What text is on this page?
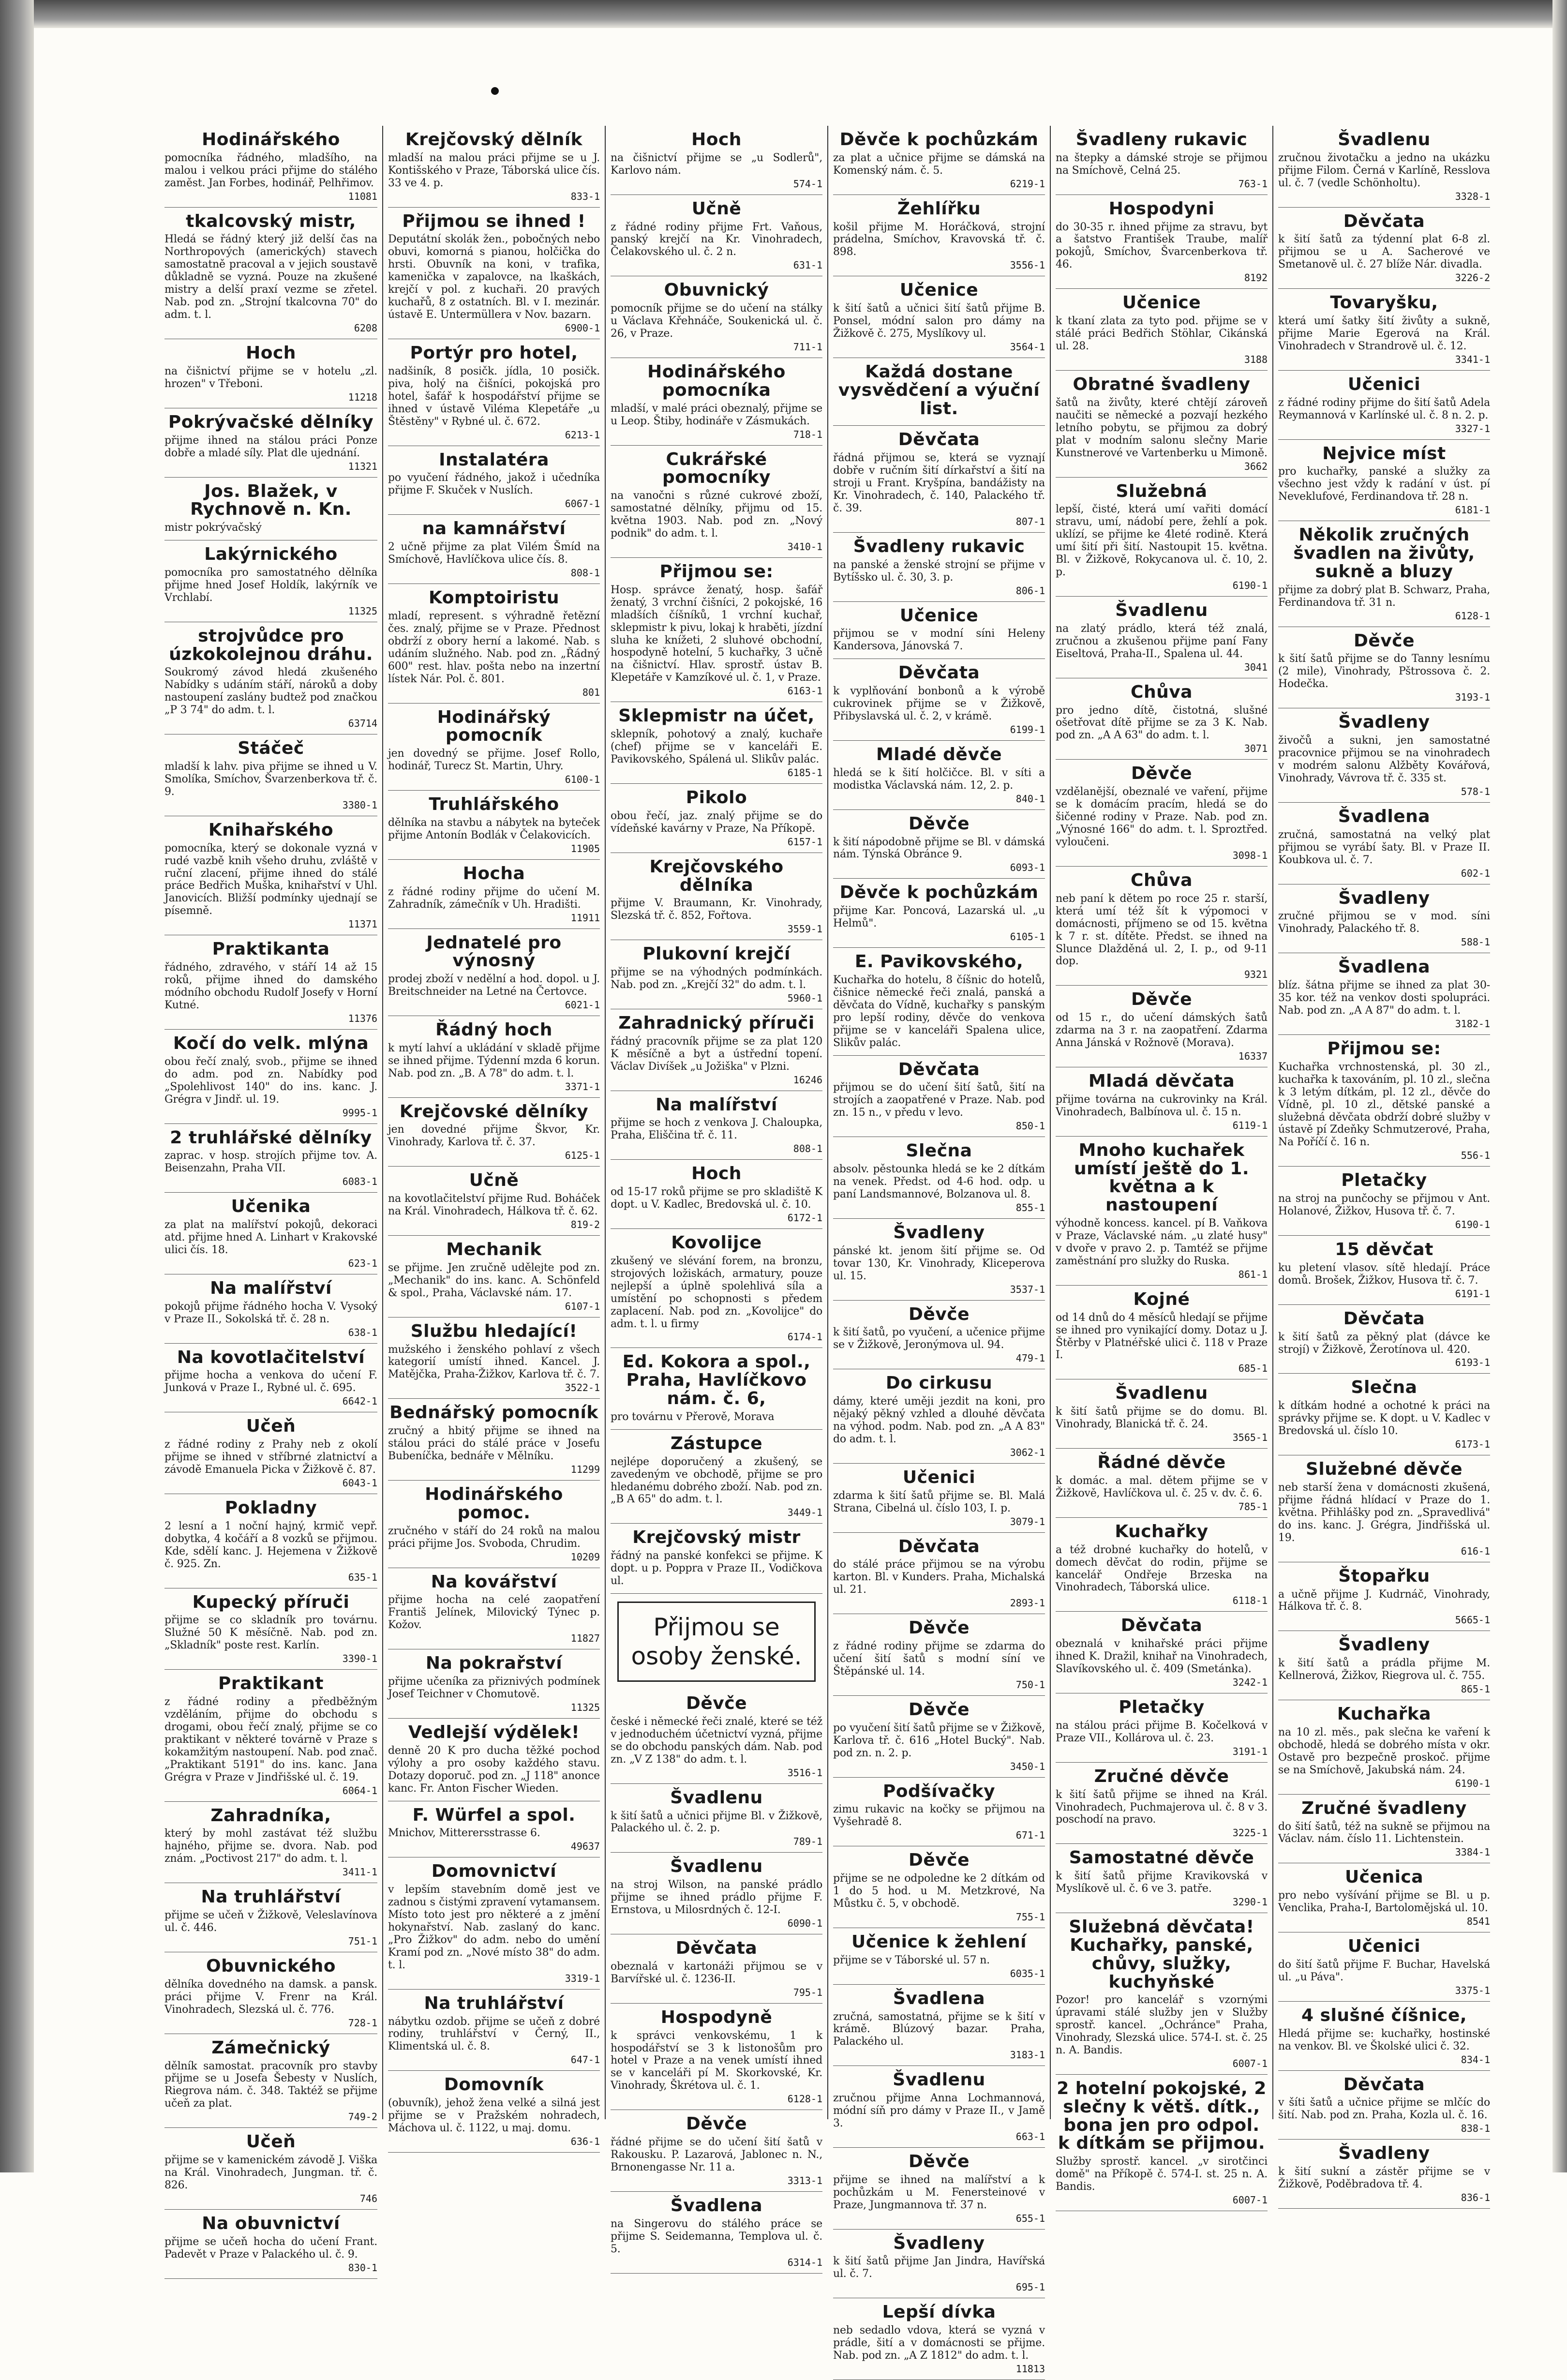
Hodinářského

pomocníka řádného, mladšího, na malou i velkou práci přijme do stálého zaměst. Jan Forbes, hodinář, Pelhřimov.

11081
tkalcovský mistr,

Hledá se řádný který již delší čas na Northropových (amerických) stavech samostatně pracoval a v jejich soustavě důkladně se vyzná. Pouze na zkušené mistry a delší praxí vezme se zřetel. Nab. pod zn. „Strojní tkalcovna 70" do adm. t. l.

6208
Hoch

na čišnictví přijme se v hotelu „zl. hrozen" v Třeboni.

11218
Pokrývačské dělníky

přijme ihned na stálou práci Ponze dobře a mladé síly. Plat dle ujednání.

11321
Jos. Blažek, v Rychnově n. Kn.

mistr pokrývačský

Lakýrnického

pomocníka pro samostatného dělníka přijme hned Josef Holdík, lakýrník ve Vrchlabí.

11325
strojvůdce pro úzkokolejnou dráhu.

Soukromý závod hledá zkušeného Nabídky s udáním stáří, nároků a doby nastoupení zaslány budtež pod značkou „P 3 74" do adm. t. l.

63714
Stáčeč

mladší k lahv. piva přijme se ihned u V. Smolíka, Smíchov, Švarzenberkova tř. č. 9.

3380-1
Knihařského

pomocníka, který se dokonale vyzná v rudé vazbě knih všeho druhu, zvláště v ruční zlacení, přijme ihned do stálé práce Bedřich Muška, knihařství v Uhl. Janovicích. Bližší podmínky ujednají se písemně.

11371
Praktikanta

řádného, zdravého, v stáří 14 až 15 roků, přijme ihned do damského módního obchodu Rudolf Josefy v Horní Kutné.

11376
Kočí do velk. mlýna

obou řečí znalý, svob., přijme se ihned do adm. pod zn. Nabídky pod „Spolehlivost 140" do ins. kanc. J. Grégra v Jindř. ul. 19.

9995-1
2 truhlářské dělníky

zaprac. v hosp. strojích přijme tov. A. Beisenzahn, Praha VII.

6083-1
Učenika

za plat na malířství pokojů, dekoraci atd. přijme hned A. Linhart v Krakovské ulici čís. 18.

623-1
Na malířství

pokojů přijme řádného hocha V. Vysoký v Praze II., Sokolská tř. č. 28 n.

638-1
Na kovotlačitelství

přijme hocha a venkova do učení F. Junková v Praze I., Rybné ul. č. 695.

6642-1
Učeň

z řádné rodiny z Prahy neb z okolí přijme se ihned v stříbrné zlatnictví a závodě Emanuela Picka v Žižkově č. 87.

6043-1
Pokladny

2 lesní a 1 noční hajný, krmič vepř. dobytka, 4 kočáří a 8 vozků se přijmou. Kde, sdělí kanc. J. Hejemena v Žižkově č. 925. Zn.

635-1
Kupecký příruči

přijme se co skladník pro továrnu. Služné 50 K měsíčně. Nab. pod zn. „Skladník" poste rest. Karlín.

3390-1
Praktikant

z řádné rodiny a předběžným vzděláním, přijme do obchodu s drogami, obou řečí znalý, přijme se co praktikant v některé továrně v Praze s kokamžitým nastoupení. Nab. pod znač. „Praktikant 5191" do ins. kanc. Jana Grégra v Praze v Jindřišské ul. č. 19.

6064-1
Zahradníka,

který by mohl zastávat též službu hajného, přijme se. dvora. Nab. pod znám. „Poctivost 217" do adm. t. l.

3411-1
Na truhlářství

přijme se učeň v Žižkově, Veleslavínova ul. č. 446.

751-1
Obuvnického

dělníka dovedného na damsk. a pansk. práci přijme V. Frenr na Král. Vinohradech, Slezská ul. č. 776.

728-1
Zámečnický

dělník samostat. pracovník pro stavby přijme se u Josefa Šebesty v Nuslích, Riegrova nám. č. 348. Taktéž se přijme učeň za plat.

749-2
Učeň

přijme se v kamenickém závodě J. Viška na Král. Vinohradech, Jungman. tř. č. 826.

746
Na obuvnictví

přijme se učeň hocha do učení Frant. Padevět v Praze v Palackého ul. č. 9.

830-1
Krejčovský dělník

mladší na malou práci přijme se u J. Kontišského v Praze, Táborská ulice čís. 33 ve 4. p.

833-1
Přijmou se ihned !

Deputátní skolák žen., pobočných nebo obuvi, komorná s pianou, holčička do hrsti. Obuvník na koni, v trafika, kamenička v zapalovce, na lkaškách, krejčí v pol. z kuchaři. 20 pravých kuchařů, 8 z ostatních. Bl. v I. mezinár. ústavě E. Untermüllera v Nov. bazarn.

6900-1
Portýr pro hotel,

nadšiník, 8 posičk. jídla, 10 posičk. piva, holý na čišníci, pokojská pro hotel, šafář k hospodářství přijme se ihned v ústavě Viléma Klepetáře „u Štěstěny" v Rybné ul. č. 672.

6213-1
Instalatéra

po vyučení řádného, jakož i učedníka přijme F. Skuček v Nuslích.

6067-1
na kamnářství

2 učně přijme za plat Vilém Šmíd na Smíchově, Havlíčkova ulice čís. 8.

808-1
Komptoiristu

mladí, represent. s výhradně řetězní čes. znalý, přijme se v Praze. Přednost obdrží z obory herní a lakomé. Nab. s udáním služného. Nab. pod zn. „Řádný 600" rest. hlav. pošta nebo na inzertní lístek Nár. Pol. č. 801.

801
Hodinářský pomocník

jen dovedný se přijme. Josef Rollo, hodinář, Turecz St. Martin, Uhry.

6100-1
Truhlářského

dělníka na stavbu a nábytek na byteček přijme Antonín Bodlák v Čelakovicích.

11905
Hocha

z řádné rodiny přijme do učení M. Zahradník, zámečník v Uh. Hradišti.

11911
Jednatelé pro výnosný

prodej zboží v nedělní a hod. dopol. u J. Breitschneider na Letné na Čertovce.

6021-1
Řádný hoch

k mytí lahví a ukládání v skladě přijme se ihned přijme. Týdenní mzda 6 korun. Nab. pod zn. „B. A 78" do adm. t. l.

3371-1
Krejčovské dělníky

jen dovedné přijme Škvor, Kr. Vinohrady, Karlova tř. č. 37.

6125-1
Učně

na kovotlačitelství přijme Rud. Boháček na Král. Vinohradech, Hálkova tř. č. 62.

819-2
Mechanik

se přijme. Jen zručně udělejte pod zn. „Mechanik" do ins. kanc. A. Schönfeld & spol., Praha, Václavské nám. 17.

6107-1
Službu hledající!

mužského i ženského pohlaví z všech kategorií umístí ihned. Kancel. J. Matějčka, Praha-Žižkov, Karlova tř. č. 7.

3522-1
Bednářský pomocník

zručný a hbitý přijme se ihned na stálou práci do stálé práce v Josefu Bubeníčka, bednáře v Mělníku.

11299
Hodinářského pomoc.

zručného v stáří do 24 roků na malou práci přijme Jos. Svoboda, Chrudim.

10209
Na kovářství

přijme hocha na celé zaopatření Františ Jelínek, Milovický Týnec p. Kožov.

11827
Na pokrařství

přijme učeníka za přiznivých podmínek Josef Teichner v Chomutově.

11325
Vedlejší výdělek!

denně 20 K pro ducha těžké pochod výlohy a pro osoby každého stavu. Dotazy doporuč. pod zn. „J 118" anonce kanc. Fr. Anton Fischer Wieden.

F. Würfel a spol.

Mnichov, Mitterersstrasse 6.

49637
Domovnictví

v lepším stavebním domě jest ve zadnou s čistými zpravení vytamansem. Místo toto jest pro některé a z jmění hokynařství. Nab. zaslaný do kanc. „Pro Žižkov" do adm. nebo do umění Kramí pod zn. „Nové místo 38" do adm. t. l.

3319-1
Na truhlářství

nábytku ozdob. přijme se učeň z dobré rodiny, truhlářství v Černý, II., Klimentská ul. č. 8.

647-1
Domovník

(obuvník), jehož žena velké a silná jest přijme se v Pražském nohradech, Máchova ul. č. 1122, u maj. domu.

636-1
Hoch

na čišnictví přijme se „u Sodlerů", Karlovo nám.

574-1
Učně

z řádné rodiny přijme Frt. Vaňous, panský krejčí na Kr. Vinohradech, Čelakovského ul. č. 2 n.

631-1
Obuvnický

pomocník přijme se do učení na stálky u Václava Křehnáče, Soukenická ul. č. 26, v Praze.

711-1
Hodinářského pomocníka

mladší, v malé práci obeznalý, přijme se u Leop. Štiby, hodináře v Zásmukách.

718-1
Cukrářské pomocníky

na vanočni s různé cukrové zboží, samostatné dělníky, přijmu od 15. května 1903. Nab. pod zn. „Nový podnik" do adm. t. l.

3410-1
Přijmou se:

Hosp. správce ženatý, hosp. šafář ženatý, 3 vrchní čišníci, 2 pokojské, 16 mladších číšníků, 1 vrchní kuchař, sklepmistr k pivu, lokaj k hraběti, jízdní sluha ke knížeti, 2 sluhové obchodní, hospodyně hotelní, 5 kuchařky, 3 učně na čišnictví. Hlav. sprostř. ústav B. Klepetáře v Kamzíkové ul. č. 1, v Praze.

6163-1
Sklepmistr na účet,

sklepník, pohotový a znalý, kuchaře (chef) přijme se v kanceláři E. Pavikovského, Spálená ul. Slikův palác.

6185-1
Pikolo

obou řečí, jaz. znalý přijme se do vídeňské kavárny v Praze, Na Příkopě.

6157-1
Krejčovského dělníka

přijme V. Braumann, Kr. Vinohrady, Slezská tř. č. 852, Fořtova.

3559-1
Plukovní krejčí

přijme se na výhodných podmínkách. Nab. pod zn. „Krejčí 32" do adm. t. l.

5960-1
Zahradnický příruči

řádný pracovník přijme se za plat 120 K měsíčně a byt a ústřední topení. Václav Divíšek „u Jožiška" v Plzni.

16246
Na malířství

přijme se hoch z venkova J. Chaloupka, Praha, Eliščina tř. č. 11.

808-1
Hoch

od 15-17 roků přijme se pro skladiště K dopt. u V. Kadlec, Bredovská ul. č. 10.

6172-1
Kovolijce

zkušený ve slévání forem, na bronzu, strojových ložiskách, armatury, pouze nejlepší a úplně spolehlivá síla a umístění po schopnosti s předem zaplacení. Nab. pod zn. „Kovolijce" do adm. t. l. u firmy

6174-1
Ed. Kokora a spol., Praha, Havlíčkovo nám. č. 6,

pro továrnu v Přerově, Morava

Zástupce

nejlépe doporučený a zkušený, se zavedeným ve obchodě, přijme se pro hledanému dobrého zboží. Nab. pod zn. „B A 65" do adm. t. l.

3449-1
Krejčovský mistr

řádný na panské konfekci se přijme. K dopt. u p. Poppra v Praze II., Vodičkova ul.

Přijmou se osoby ženské.
Děvče

české i německé řeči znalé, které se též v jednoduchém účetnictví vyzná, přijme se do obchodu panských dám. Nab. pod zn. „V Z 138" do adm. t. l.

3516-1
Švadlenu

k šití šatů a učnici přijme Bl. v Žižkově, Palackého ul. č. 2. p.

789-1
Švadlenu

na stroj Wilson, na panské prádlo přijme se ihned prádlo přijme F. Ernstova, u Milosrdných č. 12-I.

6090-1
Děvčata

obeznalá v kartonáži přijmou se v Barvířské ul. č. 1236-II.

795-1
Hospodyně

k správci venkovskému, 1 k hospodářství se 3 k listonošům pro hotel v Praze a na venek umístí ihned se v kanceláři pí M. Skorkovské, Kr. Vinohrady, Škrétova ul. č. 1.

6128-1
Děvče

řádné přijme se do učení šití šatů v Rakousku. P. Lazarová, Jablonec n. N., Brnonengasse Nr. 11 a.

3313-1
Švadlena

na Singerovu do stálého práce se přijme S. Seidemanna, Templova ul. č. 5.

6314-1
Děvče k pochůzkám

za plat a učnice přijme se dámská na Komenský nám. č. 5.

6219-1
Žehlířku

košil přijme M. Horáčková, strojní prádelna, Smíchov, Kravovská tř. č. 898.

3556-1
Učenice

k šití šatů a učnici šití šatů přijme B. Ponsel, módní salon pro dámy na Žižkově č. 275, Myslíkovy ul.

3564-1
Každá dostane vysvědčení a výuční list.

Děvčata

řádná přijmou se, která se vyznají dobře v ručním šití dírkařství a šití na stroji u Frant. Kryšpína, bandážisty na Kr. Vinohradech, č. 140, Palackého tř. č. 39.

807-1
Švadleny rukavic

na panské a ženské strojní se přijme v Bytíšsko ul. č. 30, 3. p.

806-1
Učenice

přijmou se v modní síni Heleny Kandersova, Jánovská 7.

Děvčata

k vyplňování bonbonů a k výrobě cukrovinek přijme se v Žižkově, Přibyslavská ul. č. 2, v krámě.

6199-1
Mladé děvče

hledá se k šití holčičce. Bl. v síti a modistka Václavská nám. 12, 2. p.

840-1
Děvče

k šití nápodobně přijme se Bl. v dámská nám. Týnská Obránce 9.

6093-1
Děvče k pochůzkám

přijme Kar. Poncová, Lazarská ul. „u Helmů".

6105-1
E. Pavikovského,

Kuchařka do hotelu, 8 číšnic do hotelů, čišnice německé řeči znalá, panská a děvčata do Vídně, kuchařky s panským pro lepší rodiny, děvče do venkova přijme se v kanceláři Spalena ulice, Slikův palác.

Děvčata

přijmou se do učení šití šatů, šití na strojích a zaopatřené v Praze. Nab. pod zn. 15 n., v předu v levo.

850-1
Slečna

absolv. pěstounka hledá se ke 2 dítkám na venek. Předst. od 4-6 hod. odp. u paní Landsmannové, Bolzanova ul. 8.

855-1
Švadleny

pánské kt. jenom šití přijme se. Od tovar 130, Kr. Vinohrady, Kliceperova ul. 15.

3537-1
Děvče

k šití šatů, po vyučení, a učenice přijme se v Žižkově, Jeronýmova ul. 94.

479-1
Do cirkusu

dámy, které uměji jezdit na koni, pro nějaký pěkný vzhled a dlouhé děvčata na výhod. podm. Nab. pod zn. „A A 83" do adm. t. l.

3062-1
Učenici

zdarma k šití šatů přijme se. Bl. Malá Strana, Cibelná ul. číslo 103, I. p.

3079-1
Děvčata

do stálé práce přijmou se na výrobu karton. Bl. v Kunders. Praha, Michalská ul. 21.

2893-1
Děvče

z řádné rodiny přijme se zdarma do učení šití šatů s modní síní ve Štěpánské ul. 14.

750-1
Děvče

po vyučení šití šatů přijme se v Žižkově, Karlova tř. č. 616 „Hotel Bucký". Nab. pod zn. n. 2. p.

3450-1
Podšívačky

zimu rukavic na kočky se přijmou na Vyšehradě 8.

671-1
Děvče

přijme se ne odpoledne ke 2 dítkám od 1 do 5 hod. u M. Metzkrové, Na Můstku č. 5, v obchodě.

755-1
Učenice k žehlení

přijme se v Táborské ul. 57 n.

6035-1
Švadlena

zručná, samostatná, přijme se k šití v krámě. Blúzový bazar. Praha, Palackého ul.

3183-1
Švadlenu

zručnou přijme Anna Lochmannová, módní síň pro dámy v Praze II., v Jamě 3.

663-1
Děvče

přijme se ihned na malířství a k pochůzkám u M. Fenersteinové v Praze, Jungmannova tř. 37 n.

655-1
Švadleny

k šití šatů přijme Jan Jindra, Havířská ul. č. 7.

695-1
Lepší dívka

neb sedadlo vdova, která se vyzná v prádle, šití a v domácnosti se přijme. Nab. pod zn. „A Z 1812" do adm. t. l.

11813
Švadleny rukavic

na štepky a dámské stroje se přijmou na Smíchově, Celná 25.

763-1
Hospodyni

do 30-35 r. ihned přijme za stravu, byt a šatstvo František Traube, malíř pokojů, Smíchov, Švarcenberkova tř. 46.

8192
Učenice

k tkaní zlata za tyto pod. přijme se v stálé práci Bedřich Stöhlar, Cikánská ul. 28.

3188
Obratné švadleny

šatů na živůty, které chtějí zároveň naučiti se německé a pozvají hezkého letního pobytu, se přijmou za dobrý plat v modním salonu slečny Marie Kunstnerové ve Vartenberku u Mimoně.

3662
Služebná

lepší, čisté, která umí vařiti domácí stravu, umí, nádobí pere, žehlí a pok. uklízí, se přijme ke 4leté rodině. Která umí šití při šití. Nastoupit 15. května. Bl. v Žižkově, Rokycanova ul. č. 10, 2. p.

6190-1
Švadlenu

na zlatý prádlo, která též znalá, zručnou a zkušenou přijme paní Fany Eiseltová, Praha-II., Spalena ul. 44.

3041
Chůva

pro jedno dítě, čistotná, slušné ošetřovat dítě přijme se za 3 K. Nab. pod zn. „A A 63" do adm. t. l.

3071
Děvče

vzdělanější, obeznalé ve vaření, přijme se k domácím pracím, hledá se do šičenné rodiny v Praze. Nab. pod zn. „Výnosné 166" do adm. t. l. Sproztřed. vyloučeni.

3098-1
Chůva

neb paní k dětem po roce 25 r. starší, která umí též šít k výpomoci v domácnosti, příjmeno se od 15. května k 7 r. st. dítěte. Předst. se ihned na Slunce Dlažděná ul. 2, I. p., od 9-11 dop.

9321
Děvče

od 15 r., do učení dámských šatů zdarma na 3 r. na zaopatření. Zdarma Anna Jánská v Rožnově (Morava).

16337
Mladá děvčata

přijme továrna na cukrovinky na Král. Vinohradech, Balbínova ul. č. 15 n.

6119-1
Mnoho kuchařek umístí ještě do 1. května a k nastoupení

výhodně koncess. kancel. pí B. Vaňkova v Praze, Václavské nám. „u zlaté husy" v dvoře v pravo 2. p. Tamtéž se přijme zaměstnání pro služky do Ruska.

861-1
Kojné

od 14 dnů do 4 měsíců hledají se přijme se ihned pro vynikající domy. Dotaz u J. Štěrby v Platnéřské ulici č. 118 v Praze I.

685-1
Švadlenu

k šití šatů přijme se do domu. Bl. Vinohrady, Blanická tř. č. 24.

3565-1
Řádné děvče

k domác. a mal. dětem přijme se v Žižkově, Havlíčkova ul. č. 25 v. dv. č. 6.

785-1
Kuchařky

a též drobné kuchařky do hotelů, v domech děvčat do rodin, přijme se kancelář Ondřeje Brzeska na Vinohradech, Táborská ulice.

6118-1
Děvčata

obeznalá v knihařské práci přijme ihned K. Dražil, knihař na Vinohradech, Slavíkovského ul. č. 409 (Smetánka).

3242-1
Pletačky

na stálou práci přijme B. Kočelková v Praze VII., Kollárova ul. č. 23.

3191-1
Zručné děvče

k šití šatů přijme se ihned na Král. Vinohradech, Puchmajerova ul. č. 8 v 3. poschodí na pravo.

3225-1
Samostatné děvče

k šití šatů přijme Kravikovská v Myslíkově ul. č. 6 ve 3. patře.

3290-1
Služebná děvčata! Kuchařky, panské, chůvy, služky, kuchyňské

Pozor! pro kancelář s vzornými úpravami stálé služby jen v Služby sprostř. kancel. „Ochránce" Praha, Vinohrady, Slezská ulice. 574-I. st. č. 25 n. A. Bandis.

6007-1
2 hotelní pokojské, 2 slečny k větš. dítk., bona jen pro odpol. k dítkám se přijmou.

Služby sprostř. kancel. „v sirotčinci domě" na Příkopě č. 574-I. st. 25 n. A. Bandis.

6007-1
Švadlenu

zručnou životačku a jedno na ukázku přijme Filom. Černá v Karlíně, Resslova ul. č. 7 (vedle Schönholtu).

3328-1
Děvčata

k šití šatů za týdenní plat 6-8 zl. přijmou se u A. Sacherové ve Smetanově ul. č. 27 blíže Nár. divadla.

3226-2
Tovaryšku,

která umí šatky šití živůty a sukně, přijme Marie Egerová na Král. Vinohradech v Strandrově ul. č. 12.

3341-1
Učenici

z řádné rodiny přijme do šití šatů Adela Reymannová v Karlínské ul. č. 8 n. 2. p.

3327-1
Nejvice míst

pro kuchařky, panské a služky za všechno jest vždy k radání v úst. pí Neveklufové, Ferdinandova tř. 28 n.

6181-1
Několik zručných švadlen na živůty, sukně a bluzy

přijme za dobrý plat B. Schwarz, Praha, Ferdinandova tř. 31 n.

6128-1
Děvče

k šití šatů přijme se do Tanny lesnímu (2 mile), Vinohrady, Pštrossova č. 2. Hodečka.

3193-1
Švadleny

živočů a sukni, jen samostatné pracovnice přijmou se na vinohradech v modrém salonu Alžběty Kovářová, Vinohrady, Vávrova tř. č. 335 st.

578-1
Švadlena

zručná, samostatná na velký plat přijmou se vyrábí šaty. Bl. v Praze II. Koubkova ul. č. 7.

602-1
Švadleny

zručné přijmou se v mod. síni Vinohrady, Palackého tř. 8.

588-1
Švadlena

blíz. šátna přijme se ihned za plat 30-35 kor. též na venkov dosti spolupráci. Nab. pod zn. „A A 87" do adm. t. l.

3182-1
Přijmou se:

Kuchařka vrchnostenská, pl. 30 zl., kuchařka k taxováním, pl. 10 zl., slečna k 3 letým dítkám, pl. 12 zl., děvče do Vídně, pl. 10 zl., dětské panské a služebná děvčata obdrží dobré služby v ústavě pí Zdeňky Schmutzerové, Praha, Na Poříčí č. 16 n.

556-1
Pletačky

na stroj na punčochy se přijmou v Ant. Holanové, Žižkov, Husova tř. č. 7.

6190-1
15 děvčat

ku pletení vlasov. sítě hledají. Práce domů. Brošek, Žižkov, Husova tř. č. 7.

6191-1
Děvčata

k šití šatů za pěkný plat (dávce ke strojí) v Žižkově, Žerotínova ul. 420.

6193-1
Slečna

k dítkám hodné a ochotné k práci na správky přijme se. K dopt. u V. Kadlec v Bredovská ul. číslo 10.

6173-1
Služebné děvče

neb starší žena v domácnosti zkušená, přijme řádná hlídací v Praze do 1. května. Přihlášky pod zn. „Spravedlivá" do ins. kanc. J. Grégra, Jindřišská ul. 19.

616-1
Štopařku

a učně přijme J. Kudrnáč, Vinohrady, Hálkova tř. č. 8.

5665-1
Švadleny

k šití šatů a prádla přijme M. Kellnerová, Žižkov, Riegrova ul. č. 755.

865-1
Kuchařka

na 10 zl. měs., pak slečna ke vaření k obchodě, hledá se dobrého místa v okr. Ostavě pro bezpečně proskoč. přijme se na Smíchově, Jakubská nám. 24.

6190-1
Zručné švadleny

do šití šatů, též na sukně se přijmou na Václav. nám. číslo 11. Lichtenstein.

3384-1
Učenica

pro nebo vyšívání přijme se Bl. u p. Venclika, Praha-I, Bartolomějská ul. 10.

8541
Učenici

do šití šatů přijme F. Buchar, Havelská ul. „u Páva".

3375-1
4 slušné číšnice,

Hledá přijme se: kuchařky, hostinské na venkov. Bl. ve Školské ulici č. 32.

834-1
Děvčata

v šíti šatů a učnice přijme se mlčíc do šití. Nab. pod zn. Praha, Kozla ul. č. 16.

838-1
Švadleny

k šití sukní a zástěr přijme se v Žižkově, Poděbradova tř. 4.

836-1
